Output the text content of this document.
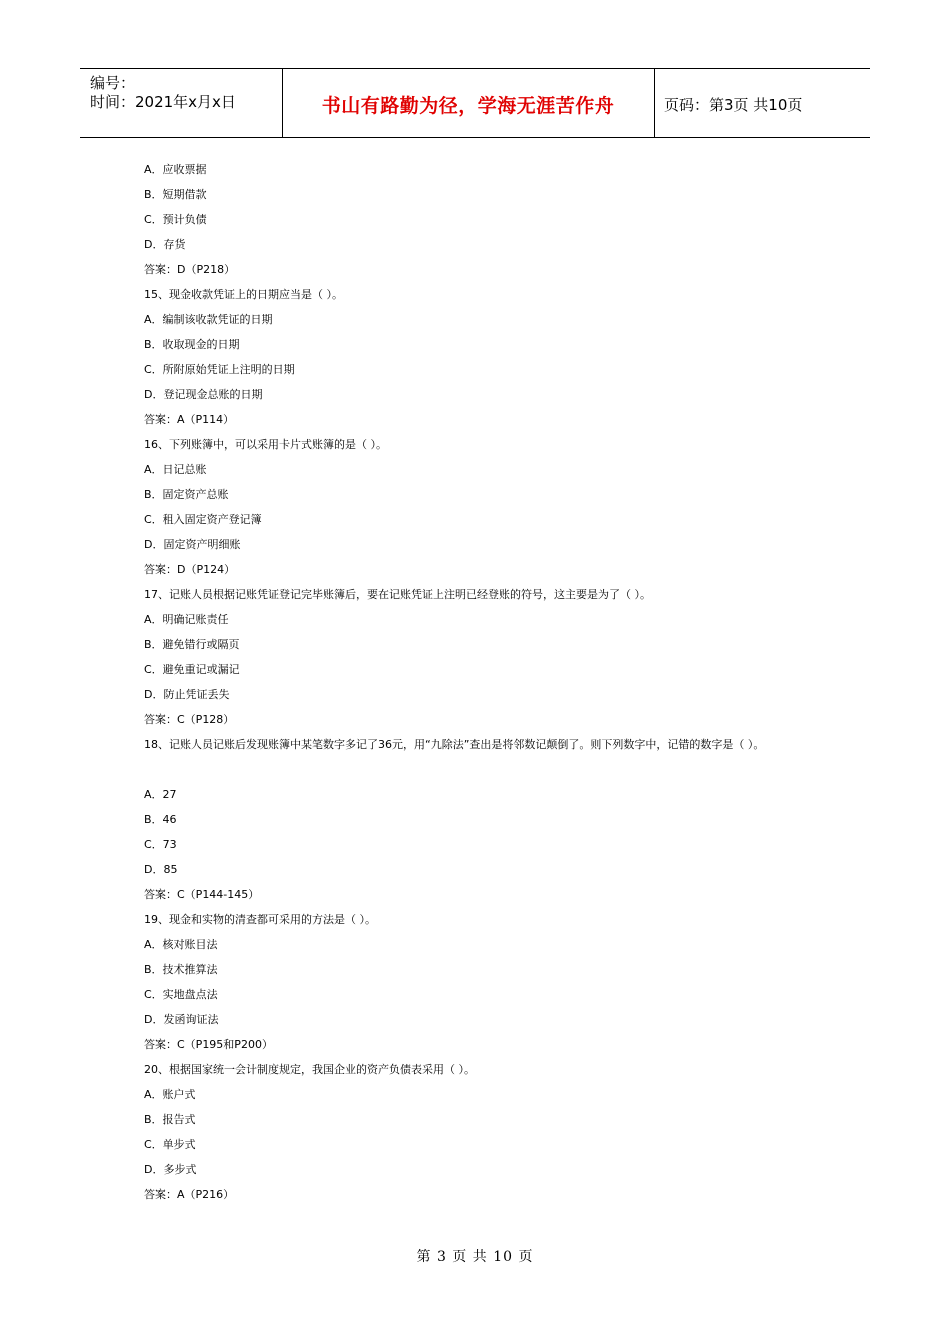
编号：
时间：2021年x月x日	书山有路勤为径，学海无涯苦作舟	页码：第3页 共10页
A．应收票据
B．短期借款
C．预计负债
D．存货
答案：D（P218）
15、现金收款凭证上的日期应当是（ ）。
A．编制该收款凭证的日期
B．收取现金的日期
C．所附原始凭证上注明的日期
D．登记现金总账的日期
答案：A（P114）
16、下列账簿中，可以采用卡片式账簿的是（ ）。
A．日记总账
B．固定资产总账
C．租入固定资产登记簿
D．固定资产明细账
答案：D（P124）
17、记账人员根据记账凭证登记完毕账簿后，要在记账凭证上注明已经登账的符号，这主要是为了（ ）。
A．明确记账责任
B．避免错行或隔页
C．避免重记或漏记
D．防止凭证丢失
答案：C（P128）
18、记账人员记账后发现账簿中某笔数字多记了36元，用“九除法”查出是将邻数记颠倒了。则下列数字中，记错的数字是（ ）。
A．27
B．46
C．73
D．85
答案：C（P144-145）
19、现金和实物的清查都可采用的方法是（ ）。
A．核对账目法
B．技术推算法
C．实地盘点法
D．发函询证法
答案：C（P195和P200）
20、根据国家统一会计制度规定，我国企业的资产负债表采用（ ）。
A．账户式
B．报告式
C．单步式
D．多步式
答案：A（P216）
第 3 页 共 10 页
